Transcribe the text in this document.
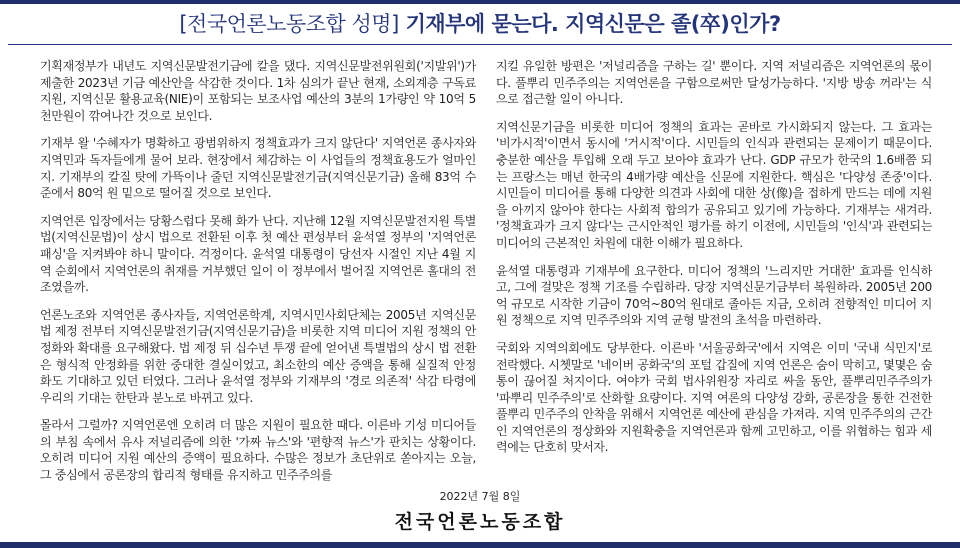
[전국언론노동조합 성명] 기재부에 묻는다. 지역신문은 졸(卒)인가?

기획재정부가 내년도 지역신문발전기금에 칼을 댔다. 지역신문발전위원회('지발위')가 제출한 2023년 기금 예산안을 삭감한 것이다. 1차 심의가 끝난 현재, 소외계층 구독료 지원, 지역신문 활용교육(NIE)이 포함되는 보조사업 예산의 3분의 1가량인 약 10억 5천만원이 깎여나간 것으로 보인다.

기재부 왈 '수혜자가 명확하고 광범위하지 정책효과가 크지 않단다' 지역언론 종사자와 지역민과 독자들에게 물어 보라. 현장에서 체감하는 이 사업들의 정책효용도가 얼마인지. 기재부의 칼질 탓에 가뜩이나 줄던 지역신문발전기금(지역신문기금) 올해 83억 수준에서 80억 원 밑으로 떨어질 것으로 보인다.

지역언론 입장에서는 당황스럽다 못해 화가 난다. 지난해 12월 지역신문발전지원 특별법(지역신문법)이 상시 법으로 전환된 이후 첫 예산 편성부터 윤석열 정부의 '지역언론 패싱'을 지켜봐야 하니 말이다. 걱정이다. 윤석열 대통령이 당선자 시절인 지난 4월 지역 순회에서 지역언론의 취재를 거부했던 일이 이 정부에서 벌어질 지역언론 홀대의 전조였을까.

언론노조와 지역언론 종사자들, 지역언론학계, 지역시민사회단체는 2005년 지역신문법 제정 전부터 지역신문발전기금(지역신문기금)을 비롯한 지역 미디어 지원 정책의 안정화와 확대를 요구해왔다. 법 제정 뒤 십수년 투쟁 끝에 얻어낸 특별법의 상시 법 전환은 형식적 안정화를 위한 중대한 결실이었고, 최소한의 예산 증액을 통해 실질적 안정화도 기대하고 있던 터였다. 그러나 윤석열 정부와 기재부의 '경로 의존적' 삭감 타령에 우리의 기대는 한탄과 분노로 바뀌고 있다.

몰라서 그럴까? 지역언론엔 오히려 더 많은 지원이 필요한 때다. 이른바 기성 미디어들의 부침 속에서 유사 저널리즘에 의한 '가짜 뉴스'와 '편향적 뉴스'가 판치는 상황이다. 오히려 미디어 지원 예산의 증액이 필요하다. 수많은 정보가 초단위로 쏟아지는 오늘, 그 중심에서 공론장의 합리적 형태를 유지하고 민주주의를

지킬 유일한 방편은 '저널리즘을 구하는 길' 뿐이다. 지역 저널리즘은 지역언론의 몫이다. 풀뿌리 민주주의는 지역언론을 구함으로써만 달성가능하다. '지방 방송 꺼라'는 식으로 접근할 일이 아니다.

지역신문기금을 비롯한 미디어 정책의 효과는 곧바로 가시화되지 않는다. 그 효과는 '비가시적'이면서 동시에 '거시적'이다. 시민들의 인식과 관련되는 문제이기 때문이다. 충분한 예산을 투입해 오래 두고 보아야 효과가 난다. GDP 규모가 한국의 1.6배쯤 되는 프랑스는 매년 한국의 4배가량 예산을 신문에 지원한다. 핵심은 '다양성 존중'이다. 시민들이 미디어를 통해 다양한 의견과 사회에 대한 상(像)을 접하게 만드는 데에 지원을 아끼지 않아야 한다는 사회적 합의가 공유되고 있기에 가능하다. 기재부는 새겨라. '정책효과가 크지 않다'는 근시안적인 평가를 하기 이전에, 시민들의 '인식'과 관련되는 미디어의 근본적인 차원에 대한 이해가 필요하다.

윤석열 대통령과 기재부에 요구한다. 미디어 정책의 '느리지만 거대한' 효과를 인식하고, 그에 걸맞은 정책 기조를 수립하라. 당장 지역신문기금부터 복원하라. 2005년 200억 규모로 시작한 기금이 70억~80억 원대로 졸아든 지금, 오히려 전향적인 미디어 지원 정책으로 지역 민주주의와 지역 균형 발전의 초석을 마련하라.

국회와 지역의회에도 당부한다. 이른바 '서울공화국'에서 지역은 이미 '국내 식민지'로 전락했다. 시쳇말로 '네이버 공화국'의 포털 갑질에 지역 언론은 숨이 막히고, 몇몇은 숨통이 끊어질 처지이다. 여야가 국회 법사위원장 자리로 싸울 동안, 풀뿌리민주주의가 '파뿌리 민주주의'로 산화할 요량이다. 지역 여론의 다양성 강화, 공론장을 통한 건전한 풀뿌리 민주주의 안착을 위해서 지역언론 예산에 관심을 가져라. 지역 민주주의의 근간인 지역언론의 정상화와 지원확충을 지역언론과 함께 고민하고, 이를 위협하는 힘과 세력에는 단호히 맞서자.

2022년 7월 8일
전국언론노동조합
